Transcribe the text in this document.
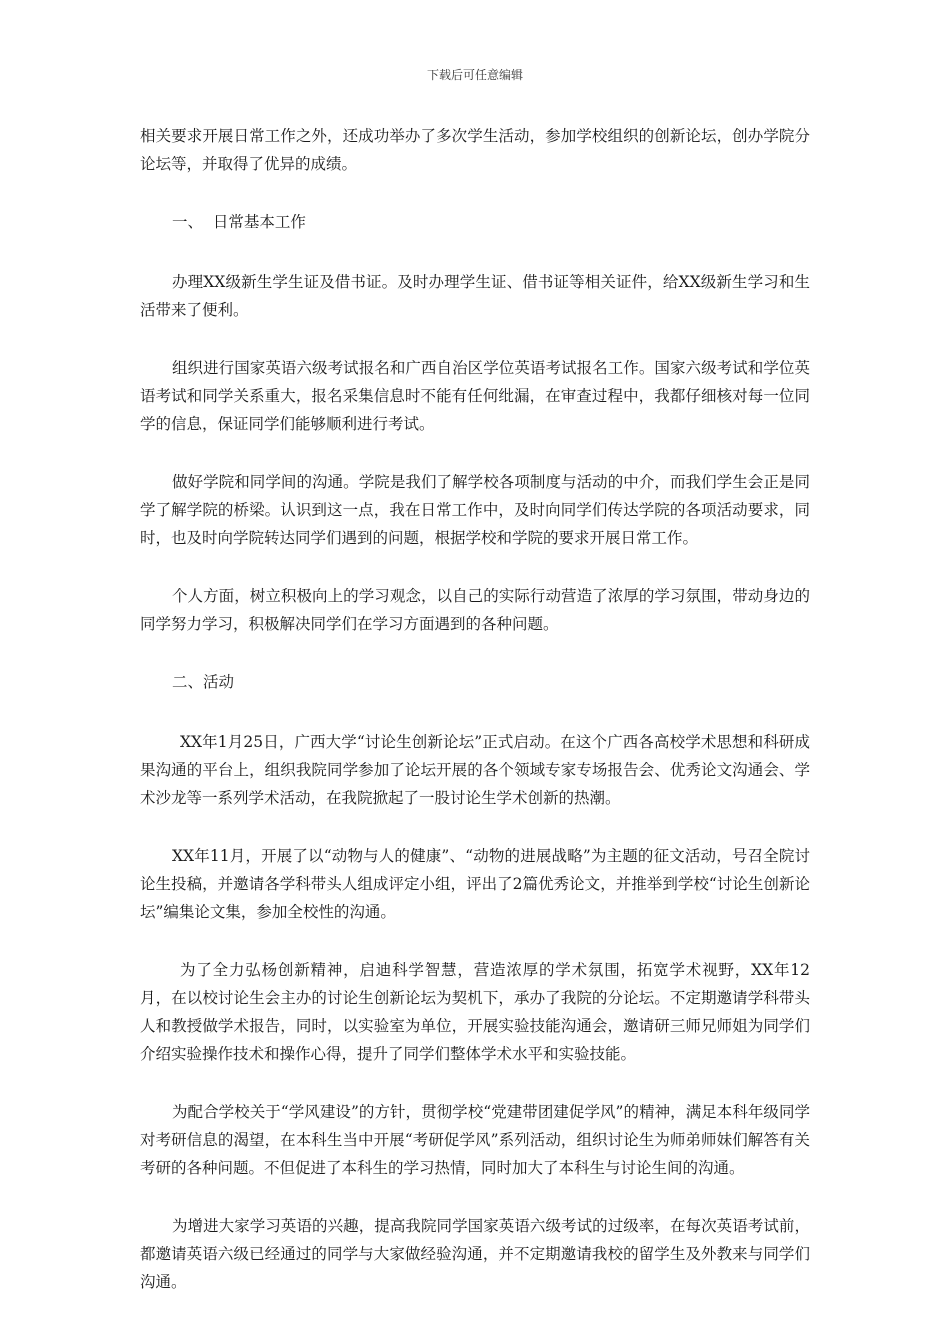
下载后可任意编辑

相关要求开展日常工作之外，还成功举办了多次学生活动，参加学校组织的创新论坛，创办学院分论坛等，并取得了优异的成绩。

一、  日常基本工作

办理XX级新生学生证及借书证。及时办理学生证、借书证等相关证件，给XX级新生学习和生活带来了便利。

组织进行国家英语六级考试报名和广西自治区学位英语考试报名工作。国家六级考试和学位英语考试和同学关系重大，报名采集信息时不能有任何纰漏，在审查过程中，我都仔细核对每一位同学的信息，保证同学们能够顺利进行考试。

做好学院和同学间的沟通。学院是我们了解学校各项制度与活动的中介，而我们学生会正是同学了解学院的桥梁。认识到这一点，我在日常工作中，及时向同学们传达学院的各项活动要求，同时，也及时向学院转达同学们遇到的问题，根据学校和学院的要求开展日常工作。

个人方面，树立积极向上的学习观念，以自己的实际行动营造了浓厚的学习氛围，带动身边的同学努力学习，积极解决同学们在学习方面遇到的各种问题。

二、活动

XX年1月25日，广西大学“讨论生创新论坛”正式启动。在这个广西各高校学术思想和科研成果沟通的平台上，组织我院同学参加了论坛开展的各个领域专家专场报告会、优秀论文沟通会、学术沙龙等一系列学术活动，在我院掀起了一股讨论生学术创新的热潮。

XX年11月，开展了以“动物与人的健康”、“动物的进展战略”为主题的征文活动，号召全院讨论生投稿，并邀请各学科带头人组成评定小组，评出了2篇优秀论文，并推举到学校“讨论生创新论坛”编集论文集，参加全校性的沟通。

为了全力弘杨创新精神，启迪科学智慧，营造浓厚的学术氛围，拓宽学术视野，XX年12月，在以校讨论生会主办的讨论生创新论坛为契机下，承办了我院的分论坛。不定期邀请学科带头人和教授做学术报告，同时，以实验室为单位，开展实验技能沟通会，邀请研三师兄师姐为同学们介绍实验操作技术和操作心得，提升了同学们整体学术水平和实验技能。

为配合学校关于“学风建设”的方针，贯彻学校“党建带团建促学风”的精神，满足本科年级同学对考研信息的渴望，在本科生当中开展“考研促学风”系列活动，组织讨论生为师弟师妹们解答有关考研的各种问题。不但促进了本科生的学习热情，同时加大了本科生与讨论生间的沟通。

为增进大家学习英语的兴趣，提高我院同学国家英语六级考试的过级率，在每次英语考试前，都邀请英语六级已经通过的同学与大家做经验沟通，并不定期邀请我校的留学生及外教来与同学们沟通。
